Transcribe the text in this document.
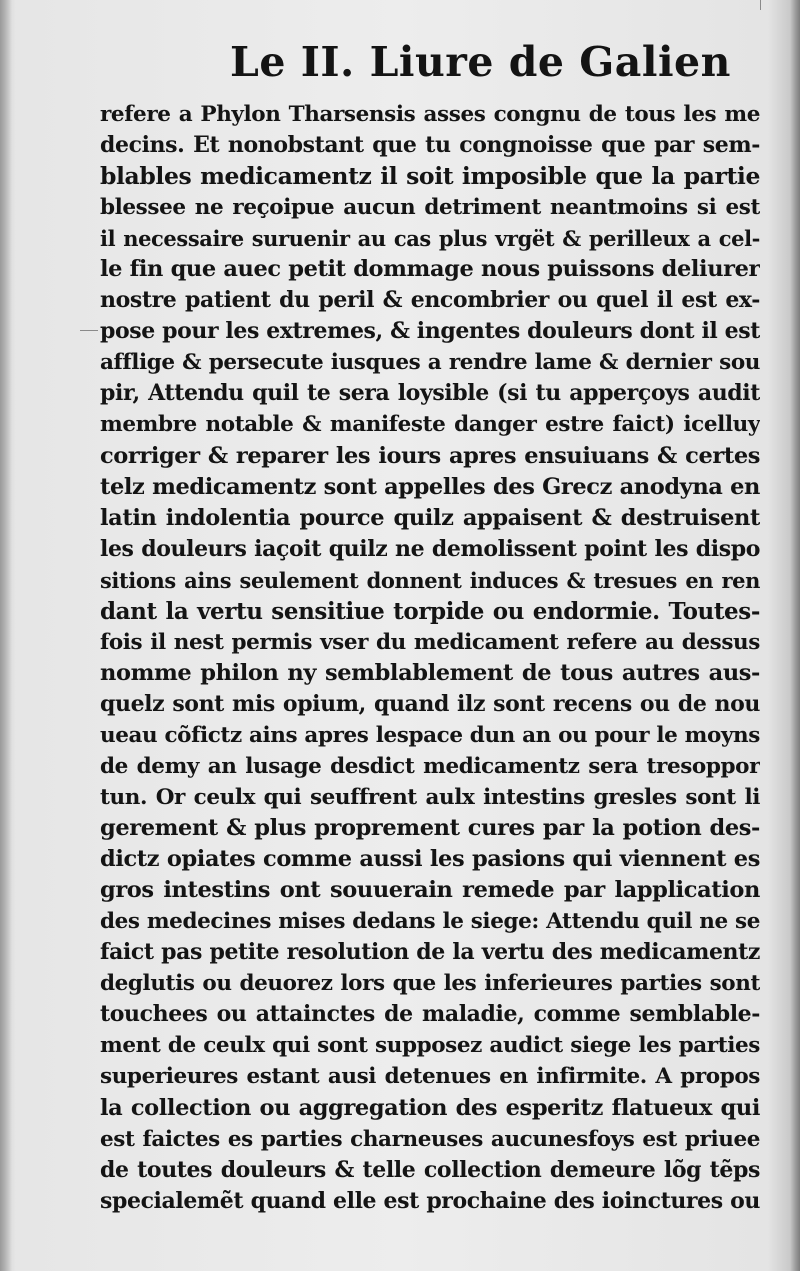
Le II. Liure de Galien
refere a Phylon Tharsensis asses congnu de tous les me
decins. Et nonobstant que tu congnoisse que par sem-
blables medicamentz il soit imposible que la partie
blessee ne reçoipue aucun detriment neantmoins si est
il necessaire suruenir au cas plus vrgët & perilleux a cel-
le fin que auec petit dommage nous puissons deliurer
nostre patient du peril & encombrier ou quel il est ex-
pose pour les extremes, & ingentes douleurs dont il est
afflige & persecute iusques a rendre lame & dernier sou
pir, Attendu quil te sera loysible (si tu apperçoys audit
membre notable & manifeste danger estre faict) icelluy
corriger & reparer les iours apres ensuiuans & certes
telz medicamentz sont appelles des Grecz anodyna en
latin indolentia pource quilz appaisent & destruisent
les douleurs iaçoit quilz ne demolissent point les dispo
sitions ains seulement donnent induces & tresues en ren
dant la vertu sensitiue torpide ou endormie. Toutes-
fois il nest permis vser du medicament refere au dessus
nomme philon ny semblablement de tous autres aus-
quelz sont mis opium, quand ilz sont recens ou de nou
ueau cõfictz ains apres lespace dun an ou pour le moyns
de demy an lusage desdict medicamentz sera tresoppor
tun. Or ceulx qui seuffrent aulx intestins gresles sont li
gerement & plus proprement cures par la potion des-
dictz opiates comme aussi les pasions qui viennent es
gros intestins ont souuerain remede par lapplication
des medecines mises dedans le siege: Attendu quil ne se
faict pas petite resolution de la vertu des medicamentz
deglutis ou deuorez lors que les inferieures parties sont
touchees ou attainctes de maladie, comme semblable-
ment de ceulx qui sont supposez audict siege les parties
superieures estant ausi detenues en infirmite. A propos
la collection ou aggregation des esperitz flatueux qui
est faictes es parties charneuses aucunesfoys est priuee
de toutes douleurs & telle collection demeure lõg tẽps
specialemẽt quand elle est prochaine des ioinctures ou
